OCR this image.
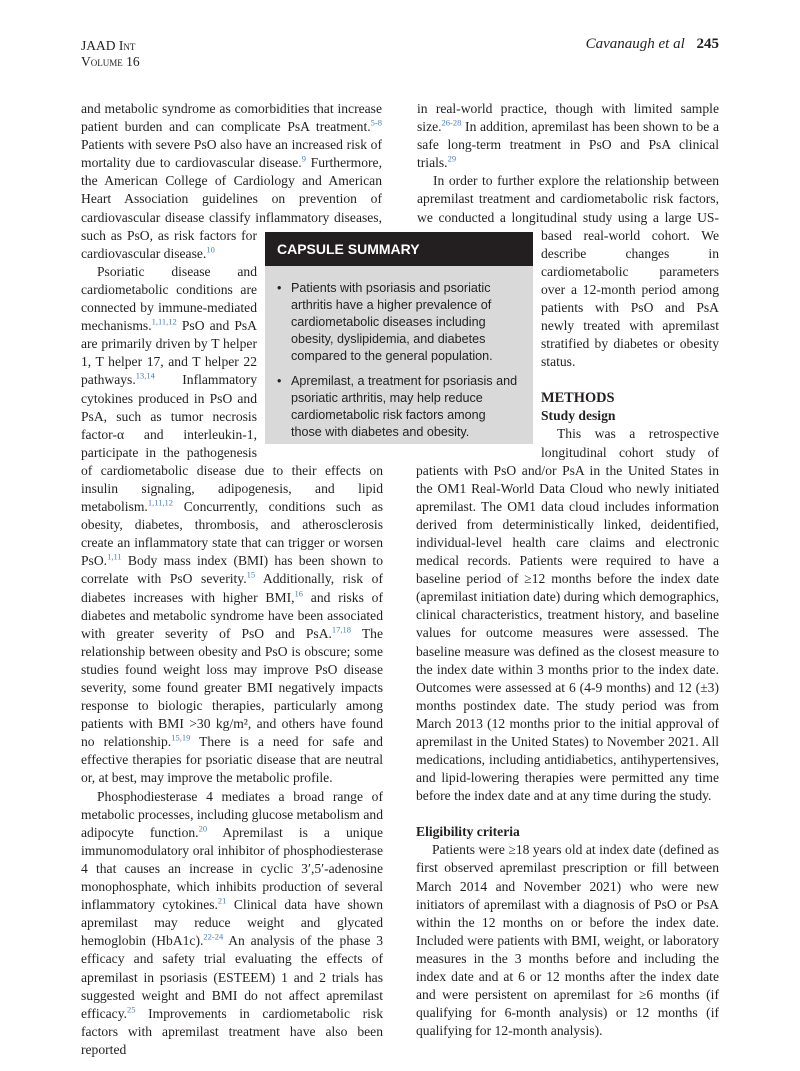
JAAD Int
Volume 16
Cavanaugh et al 245

and metabolic syndrome as comorbidities that increase patient burden and can complicate PsA treatment.$^{5-8}$ Patients with severe PsO also have an increased risk of mortality due to cardiovascular disease.$^9$ Furthermore, the American College of Cardiology and American Heart Association guidelines on prevention of cardiovascular disease classify inflammatory diseases, such as PsO, as risk factors for cardiovascular disease.$^{10}$

Psoriatic disease and cardiometabolic conditions are connected by immune-mediated mechanisms.$^{1,11,12}$ PsO and PsA are primarily driven by T helper 1, T helper 17, and T helper 22 pathways.$^{13,14}$ Inflammatory cytokines produced in PsO and PsA, such as tumor necrosis factor-α and interleukin-1, participate in the pathogenesis of cardiometabolic disease due to their effects on insulin signaling, adipogenesis, and lipid metabolism.$^{1,11,12}$ Concurrently, conditions such as obesity, diabetes, thrombosis, and atherosclerosis create an inflammatory state that can trigger or worsen PsO.$^{1,11}$ Body mass index (BMI) has been shown to correlate with PsO severity.$^{15}$ Additionally, risk of diabetes increases with higher BMI,$^{16}$ and risks of diabetes and metabolic syndrome have been associated with greater severity of PsO and PsA.$^{17,18}$ The relationship between obesity and PsO is obscure; some studies found weight loss may improve PsO disease severity, some found greater BMI negatively impacts response to biologic therapies, particularly among patients with BMI >30 kg/m², and others have found no relationship.$^{15,19}$ There is a need for safe and effective therapies for psoriatic disease that are neutral or, at best, may improve the metabolic profile.

Phosphodiesterase 4 mediates a broad range of metabolic processes, including glucose metabolism and adipocyte function.$^{20}$ Apremilast is a unique immunomodulatory oral inhibitor of phosphodiesterase 4 that causes an increase in cyclic 3′,5′-adenosine monophosphate, which inhibits production of several inflammatory cytokines.$^{21}$ Clinical data have shown apremilast may reduce weight and glycated hemoglobin (HbA1c).$^{22-24}$ An analysis of the phase 3 efficacy and safety trial evaluating the effects of apremilast in psoriasis (ESTEEM) 1 and 2 trials has suggested weight and BMI do not affect apremilast efficacy.$^{25}$ Improvements in cardiometabolic risk factors with apremilast treatment have also been reported

in real-world practice, though with limited sample size.$^{26-28}$ In addition, apremilast has been shown to be a safe long-term treatment in PsO and PsA clinical trials.$^{29}$

In order to further explore the relationship between apremilast treatment and cardiometabolic risk factors, we conducted a longitudinal study using a large US-based real-world cohort. We describe changes in cardiometabolic parameters over a 12-month period among patients with PsO and PsA newly treated with apremilast stratified by diabetes or obesity status.

METHODS

Study design

This was a retrospective longitudinal cohort study of patients with PsO and/or PsA in the United States in the OM1 Real-World Data Cloud who newly initiated apremilast. The OM1 data cloud includes information derived from deterministically linked, deidentified, individual-level health care claims and electronic medical records. Patients were required to have a baseline period of ≥12 months before the index date (apremilast initiation date) during which demographics, clinical characteristics, treatment history, and baseline values for outcome measures were assessed. The baseline measure was defined as the closest measure to the index date within 3 months prior to the index date. Outcomes were assessed at 6 (4-9 months) and 12 (±3) months postindex date. The study period was from March 2013 (12 months prior to the initial approval of apremilast in the United States) to November 2021. All medications, including antidiabetics, antihypertensives, and lipid-lowering therapies were permitted any time before the index date and at any time during the study.

Eligibility criteria

Patients were ≥18 years old at index date (defined as first observed apremilast prescription or fill between March 2014 and November 2021) who were new initiators of apremilast with a diagnosis of PsO or PsA within the 12 months on or before the index date. Included were patients with BMI, weight, or laboratory measures in the 3 months before and including the index date and at 6 or 12 months after the index date and were persistent on apremilast for ≥6 months (if qualifying for 6-month analysis) or 12 months (if qualifying for 12-month analysis).

CAPSULE SUMMARY
• Patients with psoriasis and psoriatic arthritis have a higher prevalence of cardiometabolic diseases including obesity, dyslipidemia, and diabetes compared to the general population.
• Apremilast, a treatment for psoriasis and psoriatic arthritis, may help reduce cardiometabolic risk factors among those with diabetes and obesity.
